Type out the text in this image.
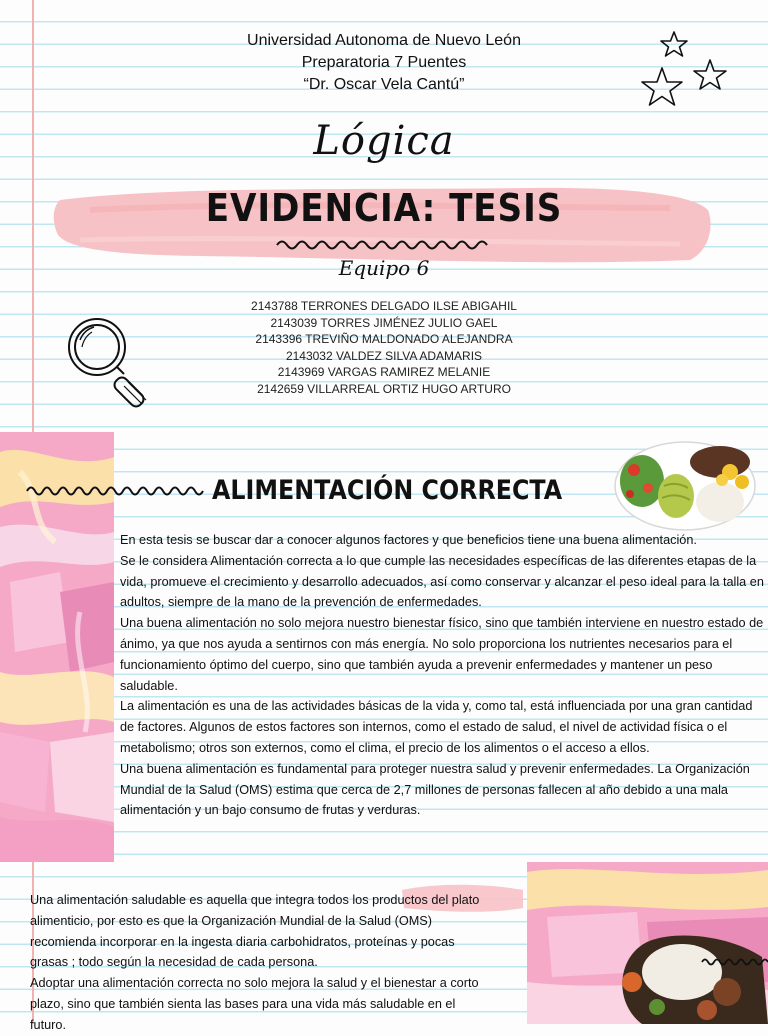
Universidad Autonoma de Nuevo León
Preparatoria 7 Puentes
“Dr. Oscar Vela Cantú”
Lógica
EVIDENCIA: TESIS
Equipo 6
2143788 TERRONES DELGADO ILSE ABIGAHIL
2143039 TORRES JIMÉNEZ JULIO GAEL
2143396 TREVIÑO MALDONADO ALEJANDRA
2143032 VALDEZ SILVA ADAMARIS
2143969 VARGAS RAMIREZ MELANIE
2142659 VILLARREAL ORTIZ HUGO ARTURO
ALIMENTACIÓN CORRECTA

En esta tesis se buscar dar a conocer algunos factores y que beneficios tiene una buena alimentación.

Se le considera Alimentación correcta a lo que cumple las necesidades específicas de las diferentes etapas de la vida, promueve el crecimiento y desarrollo adecuados, así como conservar y alcanzar el peso ideal para la talla en adultos, siempre de la mano de la prevención de enfermedades.

Una buena alimentación no solo mejora nuestro bienestar físico, sino que también interviene en nuestro estado de ánimo, ya que nos ayuda a sentirnos con más energía. No solo proporciona los nutrientes necesarios para el funcionamiento óptimo del cuerpo, sino que también ayuda a prevenir enfermedades y mantener un peso saludable.

La alimentación es una de las actividades básicas de la vida y, como tal, está influenciada por una gran cantidad de factores. Algunos de estos factores son internos, como el estado de salud, el nivel de actividad física o el metabolismo; otros son externos, como el clima, el precio de los alimentos o el acceso a ellos.

Una buena alimentación es fundamental para proteger nuestra salud y prevenir enfermedades. La Organización Mundial de la Salud (OMS) estima que cerca de 2,7 millones de personas fallecen al año debido a una mala alimentación y un bajo consumo de frutas y verduras.

Una alimentación saludable es aquella que integra todos los productos del plato alimenticio, por esto es que la Organización Mundial de la Salud (OMS) recomienda incorporar en la ingesta diaria carbohidratos, proteínas y pocas grasas ; todo según la necesidad de cada persona.

Adoptar una alimentación correcta no solo mejora la salud y el bienestar a corto plazo, sino que también sienta las bases para una vida más saludable en el futuro.
